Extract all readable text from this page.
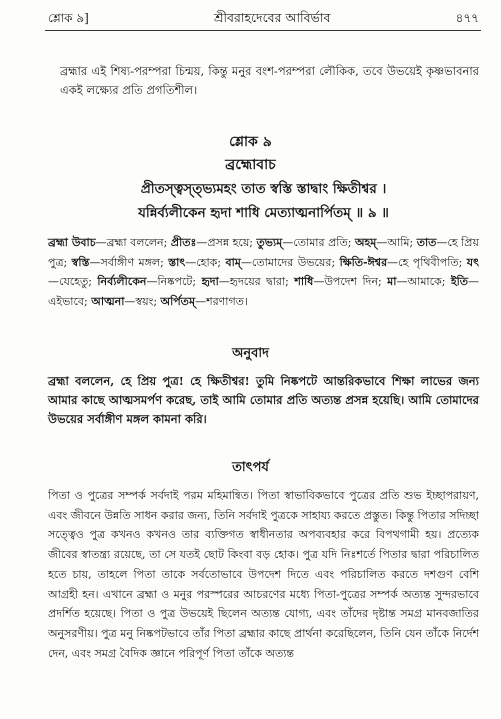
শ্লোক ৯]	শ্রীবরাহদেবের আবির্ভাব	৪৭৭

ব্রহ্মার এই শিষ্য-পরম্পরা চিন্ময়, কিন্তু মনুর বংশ-পরম্পরা লৌকিক, তবে উভয়েই কৃষ্ণভাবনার একই লক্ষ্যের প্রতি প্রগতিশীল।

শ্লোক ৯
ব্রহ্মোবাচ
প্রীতস্ত্বস্ত্ভ্যমহং তাত স্বস্তি স্তাদ্বাং ক্ষিতীশ্বর ।
যন্নির্ব্যলীকেন হৃদা শাধি মেত্যাত্মনার্পিতম্ ॥ ৯ ॥

ব্রহ্মা উবাচ—ব্রহ্মা বললেন; প্রীতঃ—প্রসন্ন হয়ে; তুভ্যম্—তোমার প্রতি; অহম্—আমি; তাত—হে প্রিয় পুত্র; স্বস্তি—সর্বাঙ্গীণ মঙ্গল; স্তাৎ—হোক; বাম্—তোমাদের উভয়ের; ক্ষিতি-ঈশ্বর—হে পৃথিবীপতি; যৎ—যেহেতু; নির্ব্যলীকেন—নিষ্কপটে; হৃদা—হৃদয়ের দ্বারা; শাধি—উপদেশ দিন; মা—আমাকে; ইতি—এইভাবে; আত্মনা—স্বয়ং; অর্পিতম্—শরণাগত।

অনুবাদ

ব্রহ্মা বললেন, হে প্রিয় পুত্র! হে ক্ষিতীশ্বর! তুমি নিষ্কপটে আন্তরিকভাবে শিক্ষা লাভের জন্য আমার কাছে আত্মসমর্পণ করেছ, তাই আমি তোমার প্রতি অত্যন্ত প্রসন্ন হয়েছি। আমি তোমাদের উভয়ের সর্বাঙ্গীণ মঙ্গল কামনা করি।

তাৎপর্য

পিতা ও পুত্রের সম্পর্ক সর্বদাই পরম মহিমান্বিত। পিতা স্বাভাবিকভাবে পুত্রের প্রতি শুভ ইচ্ছাপরায়ণ, এবং জীবনে উন্নতি সাধন করার জন্য, তিনি সর্বদাই পুত্রকে সাহায্য করতে প্রস্তুত। কিন্তু পিতার সদিচ্ছা সত্ত্বেও পুত্র কখনও কখনও তার ব্যক্তিগত স্বাধীনতার অপব্যবহার করে বিপথগামী হয়। প্রত্যেক জীবের স্বাতন্ত্র্য রয়েছে, তা সে যতই ছোট কিংবা বড় হোক। পুত্র যদি নিঃশর্তে পিতার দ্বারা পরিচালিত হতে চায়, তাহলে পিতা তাকে সর্বতোভাবে উপদেশ দিতে এবং পরিচালিত করতে দশগুণ বেশি আগ্রহী হন। এখানে ব্রহ্মা ও মনুর পরস্পরের আচরণের মধ্যে পিতা-পুত্রের সম্পর্ক অত্যন্ত সুন্দরভাবে প্রদর্শিত হয়েছে। পিতা ও পুত্র উভয়েই ছিলেন অত্যন্ত যোগ্য, এবং তাঁদের দৃষ্টান্ত সমগ্র মানবজাতির অনুসরণীয়। পুত্র মনু নিষ্কপটভাবে তাঁর পিতা ব্রহ্মার কাছে প্রার্থনা করেছিলেন, তিনি যেন তাঁকে নির্দেশ দেন, এবং সমগ্র বৈদিক জ্ঞানে পরিপূর্ণ পিতা তাঁকে অত্যন্ত
